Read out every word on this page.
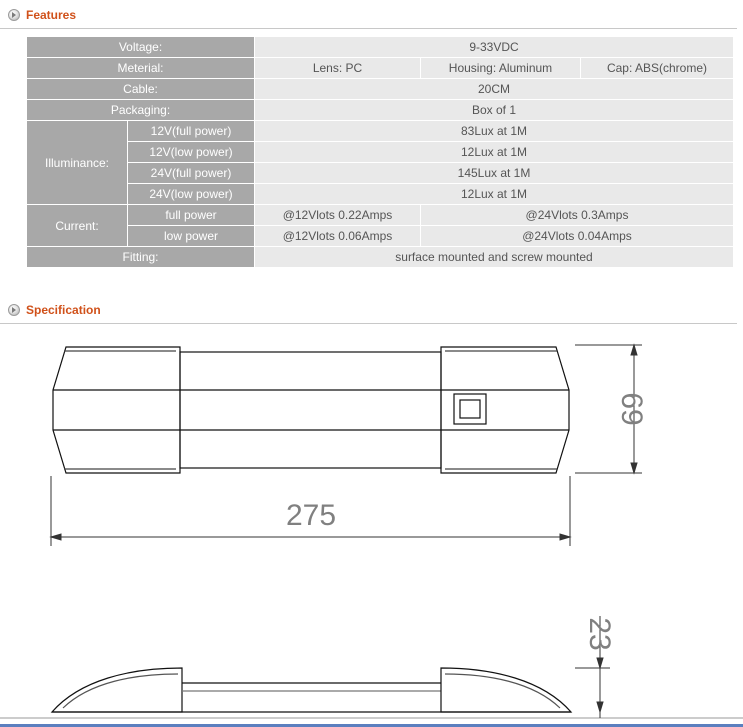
Features
Voltage:		9-33VDC		
Meterial:		Lens: PC	Housing: Aluminum	Cap: ABS(chrome)
Cable:		20CM		
Packaging:		Box of 1		
Illuminance:	12V(full power)	83Lux at 1M		
	12V(low power)	12Lux at 1M		
	24V(full power)	145Lux at 1M		
	24V(low power)	12Lux at 1M		
Current:	full power	@12Vlots 0.22Amps	@24Vlots 0.3Amps	
	low power	@12Vlots 0.06Amps	@24Vlots 0.04Amps	
Fitting:		surface mounted and screw mounted		
Specification
69
275
23
